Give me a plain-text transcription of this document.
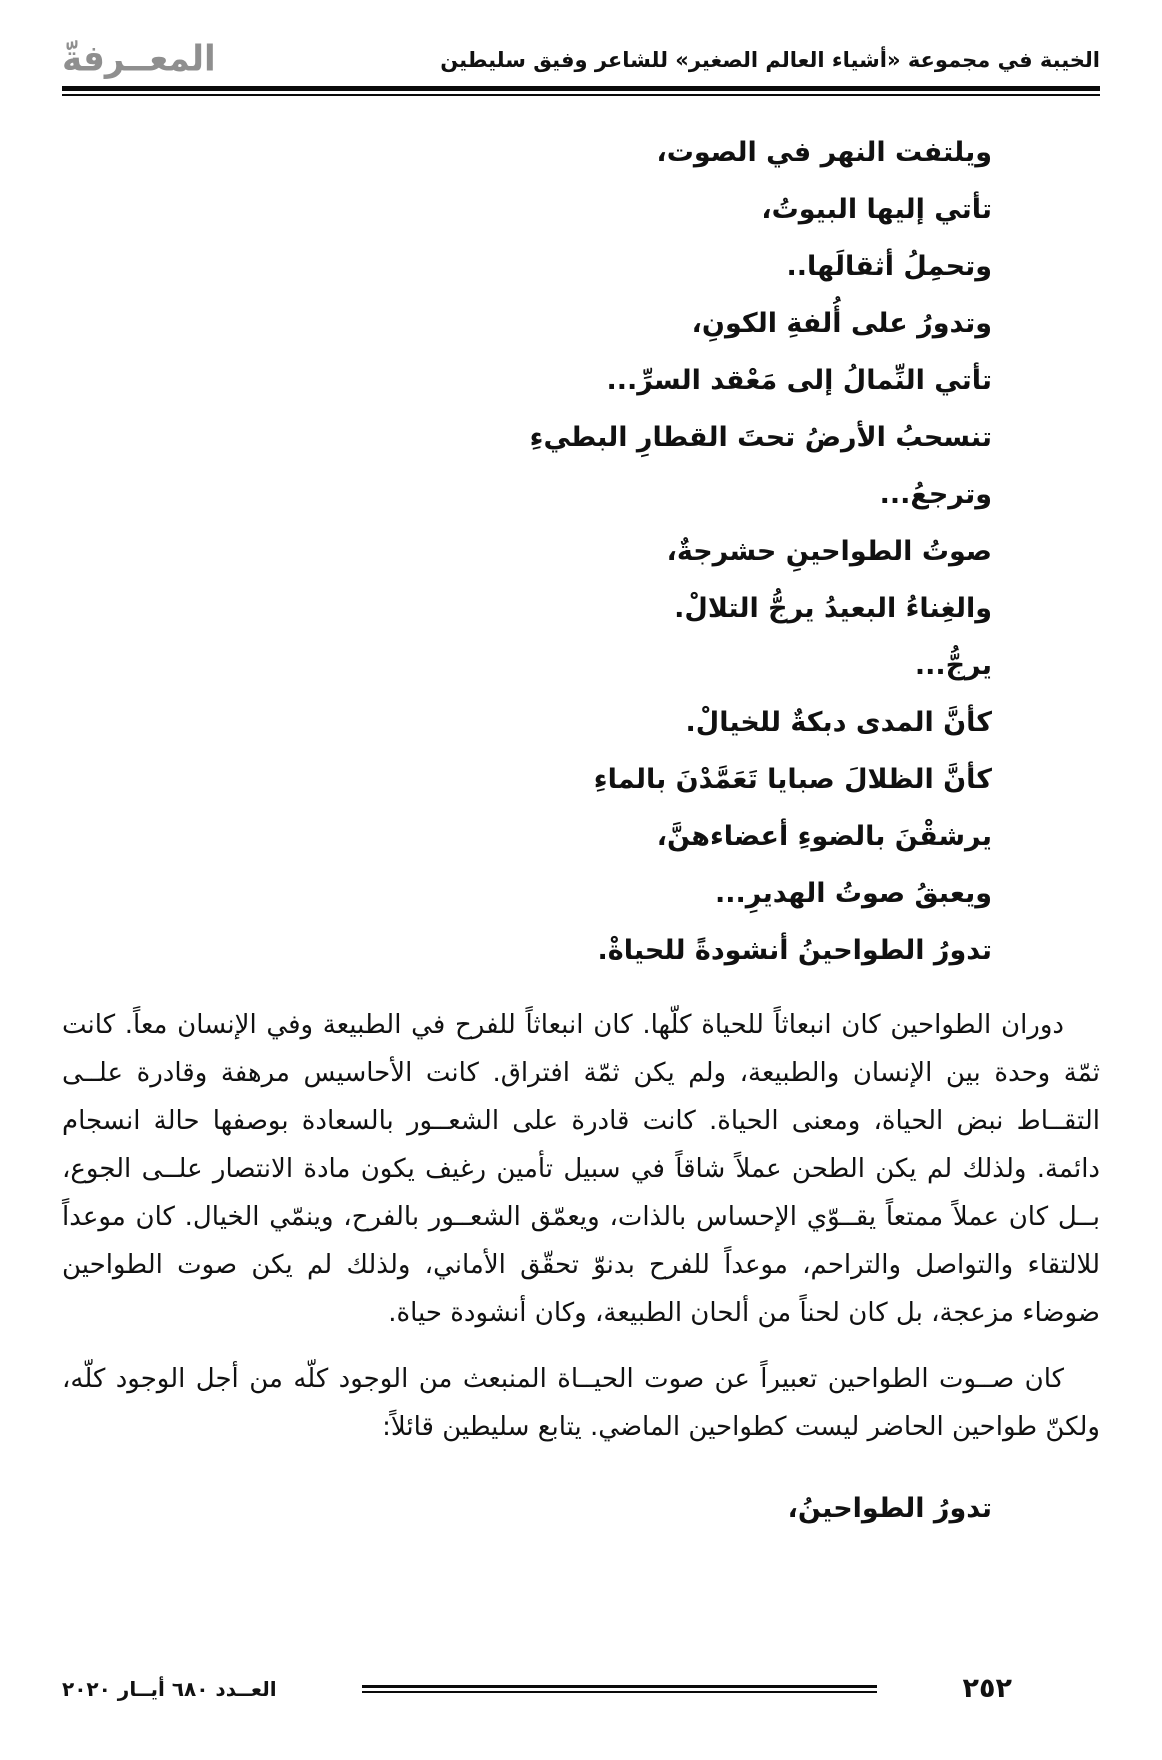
الخيبة في مجموعة «أشياء العالم الصغير» للشاعر وفيق سليطين
المعــرفةّ
ويلتفت النهر في الصوت،
تأتي إليها البيوتُ،
وتحمِلُ أثقالَها..
وتدورُ على أُلفةِ الكونِ،
تأتي النِّمالُ إلى مَعْقد السرِّ...
تنسحبُ الأرضُ تحتَ القطارِ البطيءِ
وترجعُ...
صوتُ الطواحينِ حشرجةٌ،
والغِناءُ البعيدُ يرجُّ التلالْ.
يرجُّ...
كأنَّ المدى دبكةٌ للخيالْ.
كأنَّ الظلالَ صبايا تَعَمَّدْنَ بالماءِ
يرشقْنَ بالضوءِ أعضاءهنَّ،
ويعبقُ صوتُ الهديرِ...
تدورُ الطواحينُ أنشودةً للحياةْ.

دوران الطواحين كان انبعاثاً للحياة كلّها. كان انبعاثاً للفرح في الطبيعة وفي الإنسان معاً. كانت ثمّة وحدة بين الإنسان والطبيعة، ولم يكن ثمّة افتراق. كانت الأحاسيس مرهفة وقادرة علــى التقــاط نبض الحياة، ومعنى الحياة. كانت قادرة على الشعــور بالسعادة بوصفها حالة انسجام دائمة. ولذلك لم يكن الطحن عملاً شاقاً في سبيل تأمين رغيف يكون مادة الانتصار علــى الجوع، بــل كان عملاً ممتعاً يقــوّي الإحساس بالذات، ويعمّق الشعــور بالفرح، وينمّي الخيال. كان موعداً للالتقاء والتواصل والتراحم، موعداً للفرح بدنوّ تحقّق الأماني، ولذلك لم يكن صوت الطواحين ضوضاء مزعجة، بل كان لحناً من ألحان الطبيعة، وكان أنشودة حياة.

كان صــوت الطواحين تعبيراً عن صوت الحيــاة المنبعث من الوجود كلّه من أجل الوجود كلّه، ولكنّ طواحين الحاضر ليست كطواحين الماضي. يتابع سليطين قائلاً:

تدورُ الطواحينُ،
٢٥٢
العــدد ٦٨٠ أيــار ٢٠٢٠
